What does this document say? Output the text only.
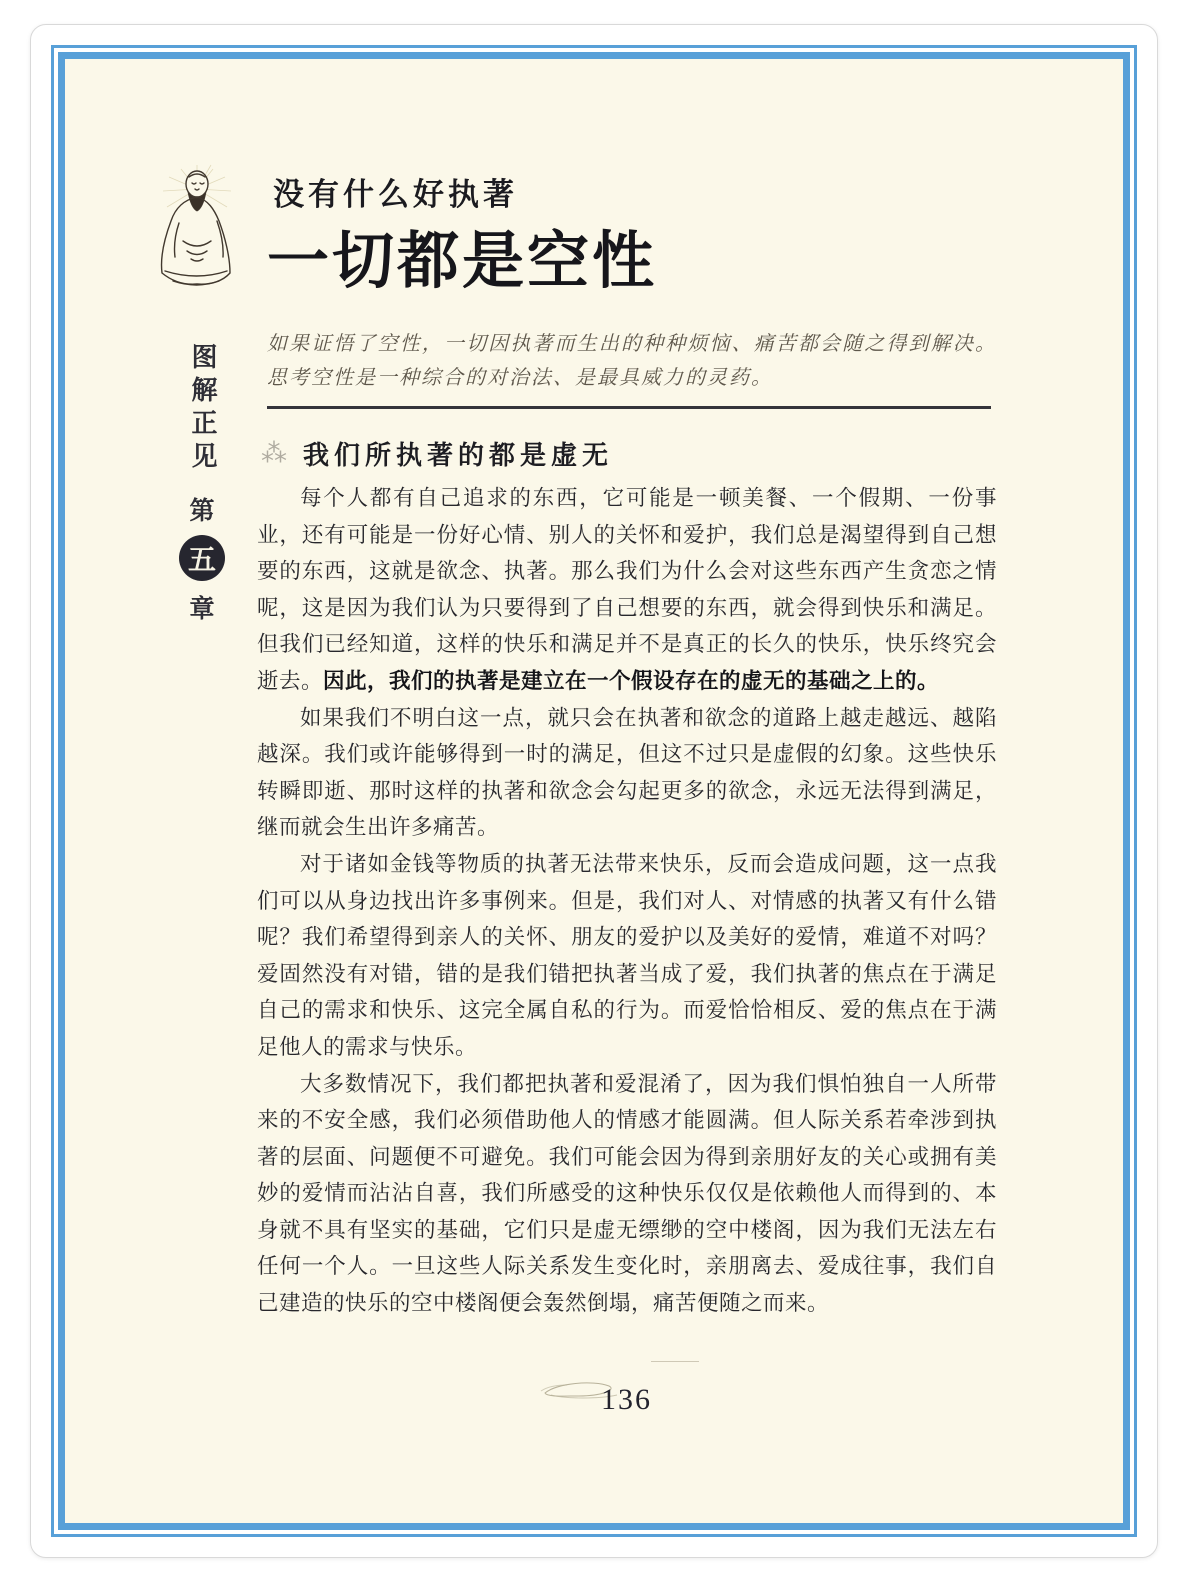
没有什么好执著
一切都是空性
图解正见
第
五
章
如果证悟了空性，一切因执著而生出的种种烦恼、痛苦都会随之得到解决。思考空性是一种综合的对治法、是最具威力的灵药。
⁂ 我们所执著的都是虚无

每个人都有自己追求的东西，它可能是一顿美餐、一个假期、一份事业，还有可能是一份好心情、别人的关怀和爱护，我们总是渴望得到自己想要的东西，这就是欲念、执著。那么我们为什么会对这些东西产生贪恋之情呢，这是因为我们认为只要得到了自己想要的东西，就会得到快乐和满足。但我们已经知道，这样的快乐和满足并不是真正的长久的快乐，快乐终究会逝去。因此，我们的执著是建立在一个假设存在的虚无的基础之上的。

如果我们不明白这一点，就只会在执著和欲念的道路上越走越远、越陷越深。我们或许能够得到一时的满足，但这不过只是虚假的幻象。这些快乐转瞬即逝、那时这样的执著和欲念会勾起更多的欲念，永远无法得到满足，继而就会生出许多痛苦。

对于诸如金钱等物质的执著无法带来快乐，反而会造成问题，这一点我们可以从身边找出许多事例来。但是，我们对人、对情感的执著又有什么错呢？我们希望得到亲人的关怀、朋友的爱护以及美好的爱情，难道不对吗？爱固然没有对错，错的是我们错把执著当成了爱，我们执著的焦点在于满足自己的需求和快乐、这完全属自私的行为。而爱恰恰相反、爱的焦点在于满足他人的需求与快乐。

大多数情况下，我们都把执著和爱混淆了，因为我们惧怕独自一人所带来的不安全感，我们必须借助他人的情感才能圆满。但人际关系若牵涉到执著的层面、问题便不可避免。我们可能会因为得到亲朋好友的关心或拥有美妙的爱情而沾沾自喜，我们所感受的这种快乐仅仅是依赖他人而得到的、本身就不具有坚实的基础，它们只是虚无缥缈的空中楼阁，因为我们无法左右任何一个人。一旦这些人际关系发生变化时，亲朋离去、爱成往事，我们自己建造的快乐的空中楼阁便会轰然倒塌，痛苦便随之而来。

136
